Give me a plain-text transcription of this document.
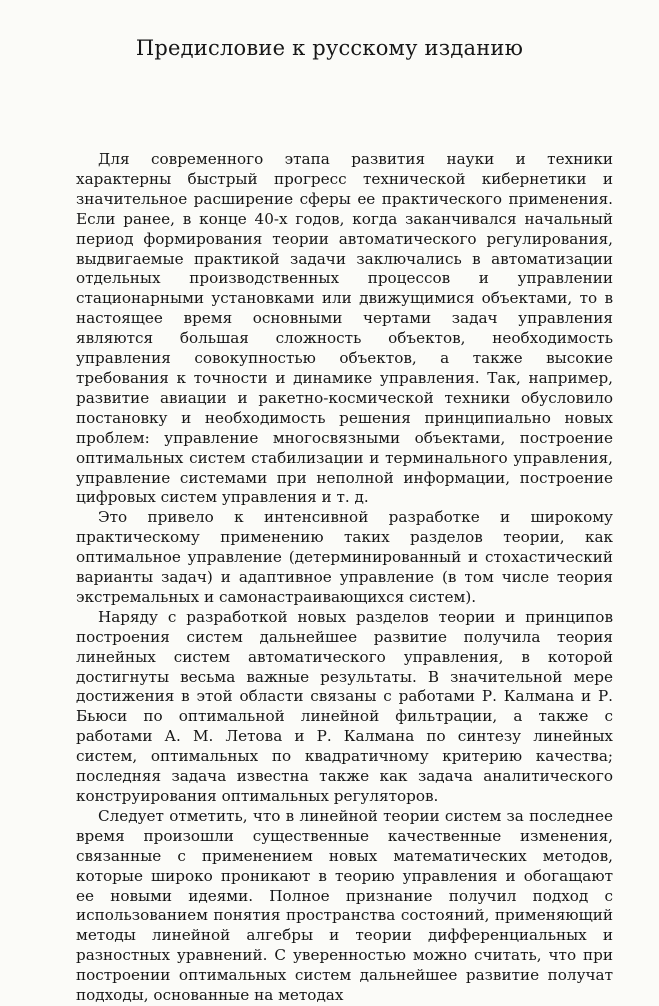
Предисловие к русскому изданию

Для современного этапа развития науки и техники характерны быстрый прогресс технической кибернетики и значительное расширение сферы ее практического применения. Если ранее, в конце 40-х годов, когда заканчивался начальный период формирования теории автоматического регулирования, выдвигаемые практикой задачи заключались в автоматизации отдельных производственных процессов и управлении стационарными установками или движущимися объектами, то в настоящее время основными чертами задач управления являются большая сложность объектов, необходимость управления совокупностью объектов, а также высокие требования к точности и динамике управления. Так, например, развитие авиации и ракетно-космической техники обусловило постановку и необходимость решения принципиально новых проблем: управление многосвязными объектами, построение оптимальных систем стабилизации и терминального управления, управление системами при неполной информации, построение цифровых систем управления и т. д.

Это привело к интенсивной разработке и широкому практическому применению таких разделов теории, как оптимальное управление (детерминированный и стохастический варианты задач) и адаптивное управление (в том числе теория экстремальных и самонастраивающихся систем).

Наряду с разработкой новых разделов теории и принципов построения систем дальнейшее развитие получила теория линейных систем автоматического управления, в которой достигнуты весьма важные результаты. В значительной мере достижения в этой области связаны с работами Р. Калмана и Р. Бьюси по оптимальной линейной фильтрации, а также с работами А. М. Летова и Р. Калмана по синтезу линейных систем, оптимальных по квадратичному критерию качества; последняя задача известна также как задача аналитического конструирования оптимальных регуляторов.

Следует отметить, что в линейной теории систем за последнее время произошли существенные качественные изменения, связанные с применением новых математических методов, которые широко проникают в теорию управления и обогащают ее новыми идеями. Полное признание получил подход с использованием понятия пространства состояний, применяющий методы линейной алгебры и теории дифференциальных и разностных уравнений. С уверенностью можно считать, что при построении оптимальных систем дальнейшее развитие получат подходы, основанные на методах
